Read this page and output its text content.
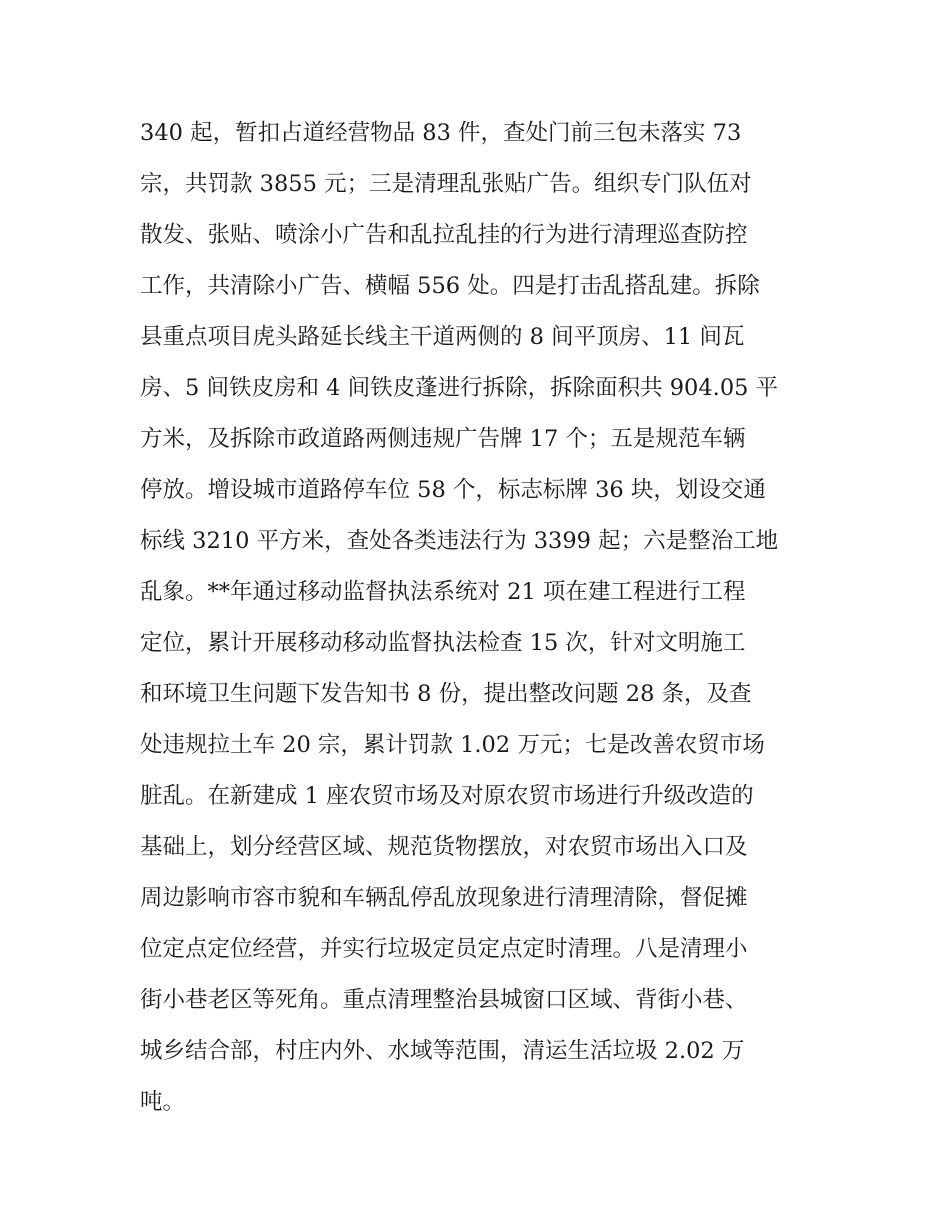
340 起，暂扣占道经营物品 83 件，查处门前三包未落实 73
宗，共罚款 3855 元；三是清理乱张贴广告。组织专门队伍对
散发、张贴、喷涂小广告和乱拉乱挂的行为进行清理巡查防控
工作，共清除小广告、横幅 556 处。四是打击乱搭乱建。拆除
县重点项目虎头路延长线主干道两侧的 8 间平顶房、11 间瓦
房、5 间铁皮房和 4 间铁皮蓬进行拆除，拆除面积共 904.05 平
方米，及拆除市政道路两侧违规广告牌 17 个；五是规范车辆
停放。增设城市道路停车位 58 个，标志标牌 36 块，划设交通
标线 3210 平方米，查处各类违法行为 3399 起；六是整治工地
乱象。**年通过移动监督执法系统对 21 项在建工程进行工程
定位，累计开展移动移动监督执法检查 15 次，针对文明施工
和环境卫生问题下发告知书 8 份，提出整改问题 28 条，及查
处违规拉土车 20 宗，累计罚款 1.02 万元；七是改善农贸市场
脏乱。在新建成 1 座农贸市场及对原农贸市场进行升级改造的
基础上，划分经营区域、规范货物摆放，对农贸市场出入口及
周边影响市容市貌和车辆乱停乱放现象进行清理清除，督促摊
位定点定位经营，并实行垃圾定员定点定时清理。八是清理小
街小巷老区等死角。重点清理整治县城窗口区域、背街小巷、
城乡结合部，村庄内外、水域等范围，清运生活垃圾 2.02 万
吨。
